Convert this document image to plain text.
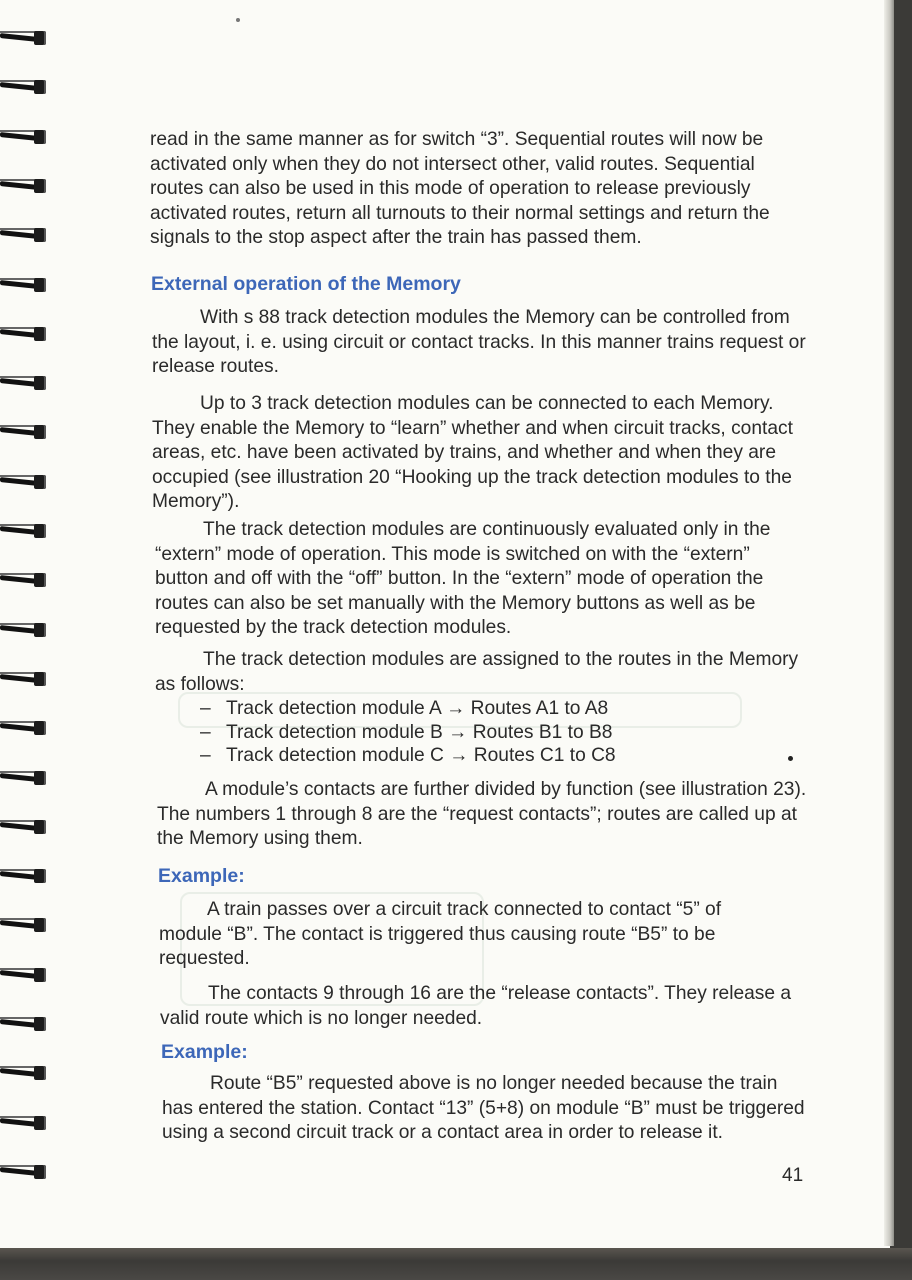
read in the same manner as for switch “3”. Sequential routes will now be activated only when they do not intersect other, valid routes. Sequential routes can also be used in this mode of operation to release previously activated routes, return all turnouts to their normal settings and return the signals to the stop aspect after the train has passed them.

External operation of the Memory

With s 88 track detection modules the Memory can be controlled from the layout, i. e. using circuit or contact tracks. In this manner trains request or release routes.

Up to 3 track detection modules can be connected to each Memory. They enable the Memory to “learn” whether and when circuit tracks, contact areas, etc. have been activated by trains, and whether and when they are occupied (see illustration 20 “Hooking up the track detection modules to the Memory”).

The track detection modules are continuously evaluated only in the “extern” mode of operation. This mode is switched on with the “extern” button and off with the “off” button. In the “extern” mode of operation the routes can also be set manually with the Memory buttons as well as be requested by the track detection modules.

The track detection modules are assigned to the routes in the Memory as follows:

– Track detection module A → Routes A1 to A8
– Track detection module B → Routes B1 to B8
– Track detection module C → Routes C1 to C8

A module’s contacts are further divided by function (see illustration 23). The numbers 1 through 8 are the “request contacts”; routes are called up at the Memory using them.

Example:

A train passes over a circuit track connected to contact “5” of module “B”. The contact is triggered thus causing route “B5” to be requested.

The contacts 9 through 16 are the “release contacts”. They release a valid route which is no longer needed.

Example:

Route “B5” requested above is no longer needed because the train has entered the station. Contact “13” (5+8) on module “B” must be triggered using a second circuit track or a contact area in order to release it.

41
